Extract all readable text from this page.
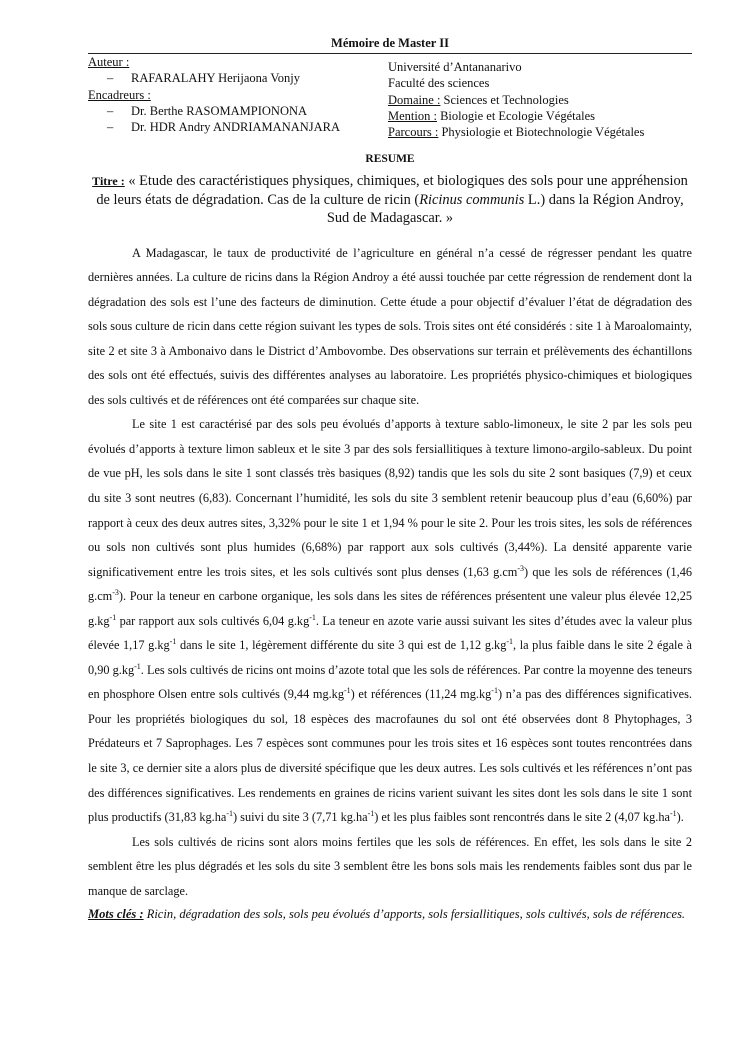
Mémoire de Master II
Auteur :
– RAFARALAHY Herijaona Vonjy
Encadreurs :
– Dr. Berthe RASOMAMPIONONA
– Dr. HDR Andry ANDRIAMANANJARA
Université d’Antananarivo
Faculté des sciences
Domaine : Sciences et Technologies
Mention : Biologie et Ecologie Végétales
Parcours : Physiologie et Biotechnologie Végétales
RESUME
Titre : « Etude des caractéristiques physiques, chimiques, et biologiques des sols pour une appréhension de leurs états de dégradation. Cas de la culture de ricin (Ricinus communis L.) dans la Région Androy, Sud de Madagascar. »

A Madagascar, le taux de productivité de l’agriculture en général n’a cessé de régresser pendant les quatre dernières années. La culture de ricins dans la Région Androy a été aussi touchée par cette régression de rendement dont la dégradation des sols est l’une des facteurs de diminution. Cette étude a pour objectif d’évaluer l’état de dégradation des sols sous culture de ricin dans cette région suivant les types de sols. Trois sites ont été considérés : site 1 à Maroalomainty, site 2 et site 3 à Ambonaivo dans le District d’Ambovombe. Des observations sur terrain et prélèvements des échantillons des sols ont été effectués, suivis des différentes analyses au laboratoire. Les propriétés physico-chimiques et biologiques des sols cultivés et de références ont été comparées sur chaque site.

Le site 1 est caractérisé par des sols peu évolués d’apports à texture sablo-limoneux, le site 2 par les sols peu évolués d’apports à texture limon sableux et le site 3 par des sols fersiallitiques à texture limono-argilo-sableux. Du point de vue pH, les sols dans le site 1 sont classés très basiques (8,92) tandis que les sols du site 2 sont basiques (7,9) et ceux du site 3 sont neutres (6,83). Concernant l’humidité, les sols du site 3 semblent retenir beaucoup plus d’eau (6,60%) par rapport à ceux des deux autres sites, 3,32% pour le site 1 et 1,94 % pour le site 2. Pour les trois sites, les sols de références ou sols non cultivés sont plus humides (6,68%) par rapport aux sols cultivés (3,44%). La densité apparente varie significativement entre les trois sites, et les sols cultivés sont plus denses (1,63 $g.cm^{-3}$) que les sols de références (1,46 $g.cm^{-3}$). Pour la teneur en carbone organique, les sols dans les sites de références présentent une valeur plus élevée 12,25 $g.kg^{-1}$ par rapport aux sols cultivés 6,04 $g.kg^{-1}$. La teneur en azote varie aussi suivant les sites d’études avec la valeur plus élevée 1,17 $g.kg^{-1}$ dans le site 1, légèrement différente du site 3 qui est de 1,12 $g.kg^{-1}$, la plus faible dans le site 2 égale à 0,90 $g.kg^{-1}$. Les sols cultivés de ricins ont moins d’azote total que les sols de références. Par contre la moyenne des teneurs en phosphore Olsen entre sols cultivés (9,44 $mg.kg^{-1}$) et références (11,24 $mg.kg^{-1}$) n’a pas des différences significatives. Pour les propriétés biologiques du sol, 18 espèces des macrofaunes du sol ont été observées dont 8 Phytophages, 3 Prédateurs et 7 Saprophages. Les 7 espèces sont communes pour les trois sites et 16 espèces sont toutes rencontrées dans le site 3, ce dernier site a alors plus de diversité spécifique que les deux autres. Les sols cultivés et les références n’ont pas des différences significatives. Les rendements en graines de ricins varient suivant les sites dont les sols dans le site 1 sont plus productifs (31,83 $kg.ha^{-1}$) suivi du site 3 (7,71 $kg.ha^{-1}$) et les plus faibles sont rencontrés dans le site 2 (4,07 $kg.ha^{-1}$).

Les sols cultivés de ricins sont alors moins fertiles que les sols de références. En effet, les sols dans le site 2 semblent être les plus dégradés et les sols du site 3 semblent être les bons sols mais les rendements faibles sont dus par le manque de sarclage.

Mots clés : Ricin, dégradation des sols, sols peu évolués d’apports, sols fersiallitiques, sols cultivés, sols de références.
